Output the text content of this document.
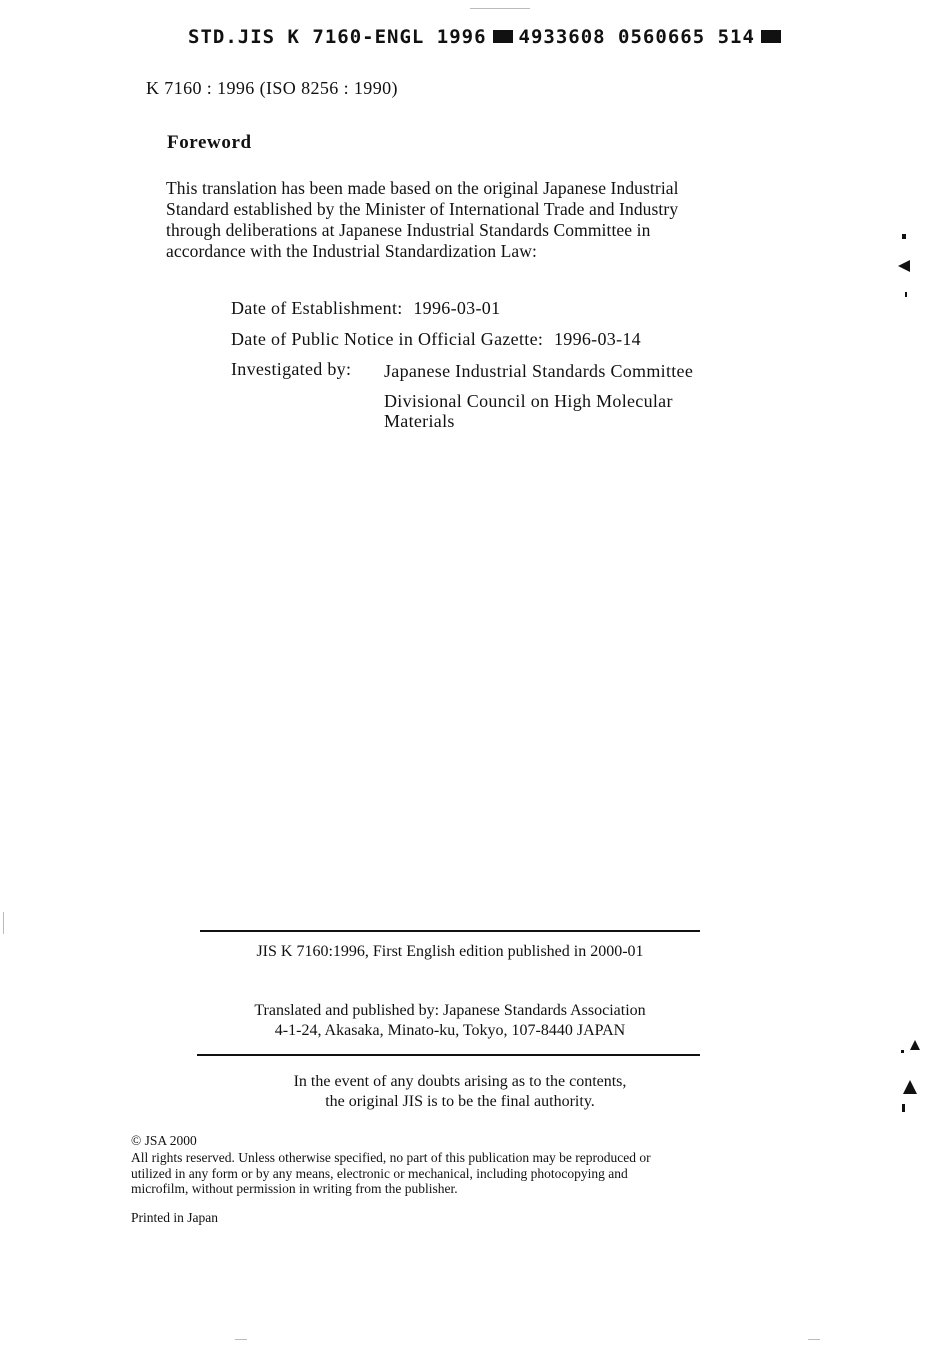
STD.JIS K 7160-ENGL 1996 4933608 0560665 514
K 7160 : 1996 (ISO 8256 : 1990)
Foreword
This translation has been made based on the original Japanese Industrial
Standard established by the Minister of International Trade and Industry
through deliberations at Japanese Industrial Standards Committee in
accordance with the Industrial Standardization Law:
Date of Establishment: 1996-03-01
Date of Public Notice in Official Gazette: 1996-03-14
Investigated by: Japanese Industrial Standards Committee
Divisional Council on High Molecular
Materials
JIS K 7160:1996, First English edition published in 2000-01
Translated and published by: Japanese Standards Association
4-1-24, Akasaka, Minato-ku, Tokyo, 107-8440 JAPAN
In the event of any doubts arising as to the contents,
the original JIS is to be the final authority.
© JSA 2000
All rights reserved. Unless otherwise specified, no part of this publication may be reproduced or
utilized in any form or by any means, electronic or mechanical, including photocopying and
microfilm, without permission in writing from the publisher.
Printed in Japan
